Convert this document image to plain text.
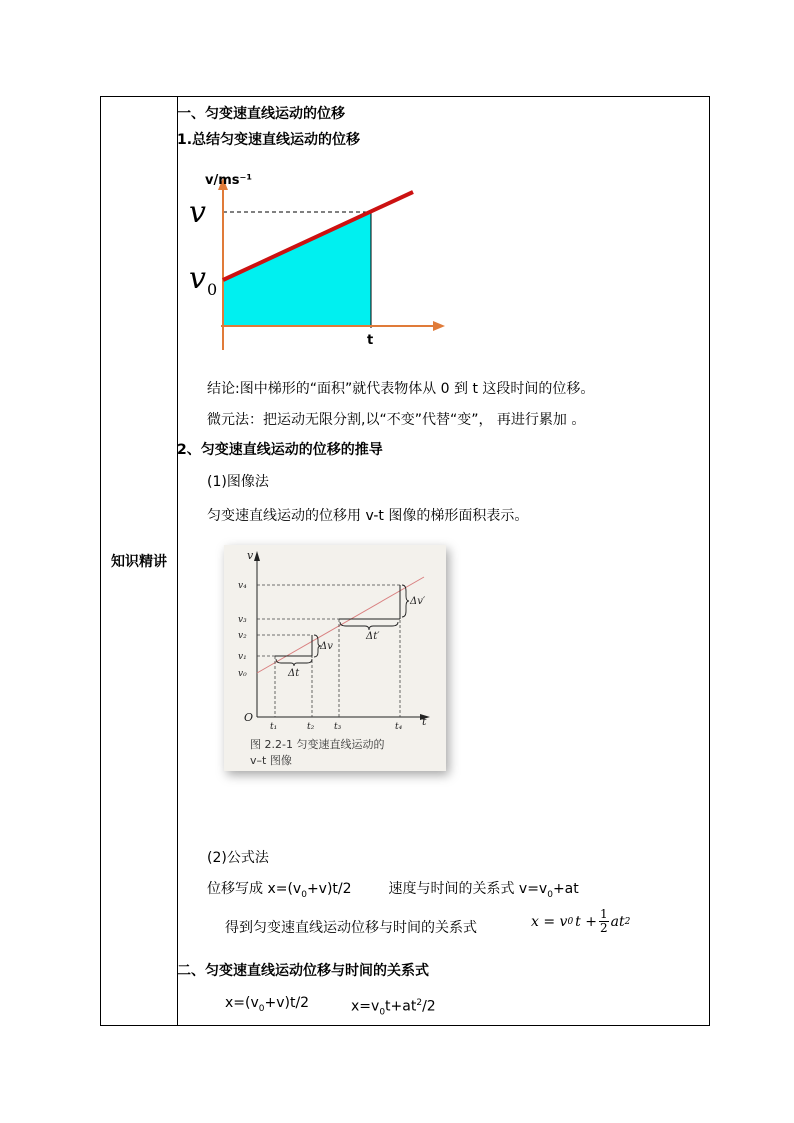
知识精讲
一、匀变速直线运动的位移
1.总结匀变速直线运动的位移
v/ms⁻¹
v
v 0
t
结论:图中梯形的“面积”就代表物体从 0 到 t 这段时间的位移。
微元法：把运动无限分割,以“不变”代替“变”， 再进行累加 。
2、匀变速直线运动的位移的推导
(1)图像法
匀变速直线运动的位移用 v-t 图像的梯形面积表示。
v
t
O
v₄
v₃
v₂
v₁
v₀
t₁	t₂ t₃	t₄
Δv
Δt
Δv′
Δt′
图 2.2-1 匀变速直线运动的
v–t 图像
(2)公式法
位移写成 $x=(v_0+v)t/2$	速度与时间的关系式 $v=v_0+at$
得到匀变速直线运动位移与时间的关系式	x = v 0 $t + \frac{1}{2}$ at 2
二、匀变速直线运动位移与时间的关系式
$x=(v_0+v)t/2$	$x=v_0t+at^2/2$
